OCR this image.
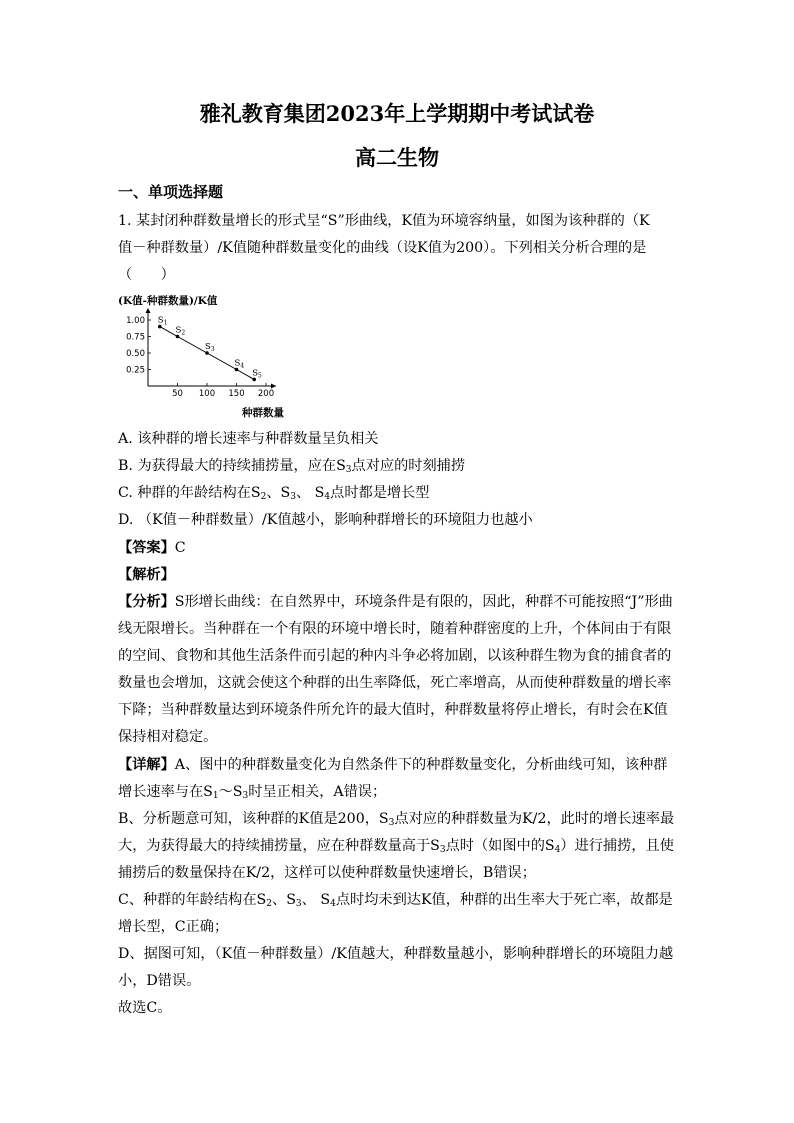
雅礼教育集团2023年上学期期中考试试卷
高二生物
一、单项选择题
1. 某封闭种群数量增长的形式呈“S”形曲线，K值为环境容纳量，如图为该种群的（K
值－种群数量）/K值随种群数量变化的曲线（设K值为200）。下列相关分析合理的是
（　　）
(K值-种群数量)/K值
50 100 150 200
0.25
0.50
0.75
1.00 $S_1$
$S_2$
$S_3$
$S_4$
$S_5$
种群数量
A. 该种群的增长速率与种群数量呈负相关
B. 为获得最大的持续捕捞量，应在$S_3$点对应的时刻捕捞
C. 种群的年龄结构在$S_2$、$S_3$、 $S_4$点时都是增长型
D. （K值－种群数量）/K值越小，影响种群增长的环境阻力也越小
【答案】C
【解析】
【分析】S形增长曲线：在自然界中，环境条件是有限的，因此，种群不可能按照“J”形曲
线无限增长。当种群在一个有限的环境中增长时，随着种群密度的上升，个体间由于有限
的空间、食物和其他生活条件而引起的种内斗争必将加剧，以该种群生物为食的捕食者的
数量也会增加，这就会使这个种群的出生率降低，死亡率增高，从而使种群数量的增长率
下降；当种群数量达到环境条件所允许的最大值时，种群数量将停止增长，有时会在K值
保持相对稳定。
【详解】A、图中的种群数量变化为自然条件下的种群数量变化，分析曲线可知，该种群
增长速率与在$S_1\sim S_3$时呈正相关，A错误；
B、分析题意可知，该种群的K值是200，$S_3$点对应的种群数量为K/2，此时的增长速率最
大，为获得最大的持续捕捞量，应在种群数量高于$S_3$点时（如图中的$S_4$）进行捕捞，且使
捕捞后的数量保持在K/2，这样可以使种群数量快速增长，B错误；
C、种群的年龄结构在$S_2$、$S_3$、 $S_4$点时均未到达K值，种群的出生率大于死亡率，故都是
增长型，C正确；
D、据图可知，（K值－种群数量）/K值越大，种群数量越小，影响种群增长的环境阻力越
小，D错误。
故选C。
